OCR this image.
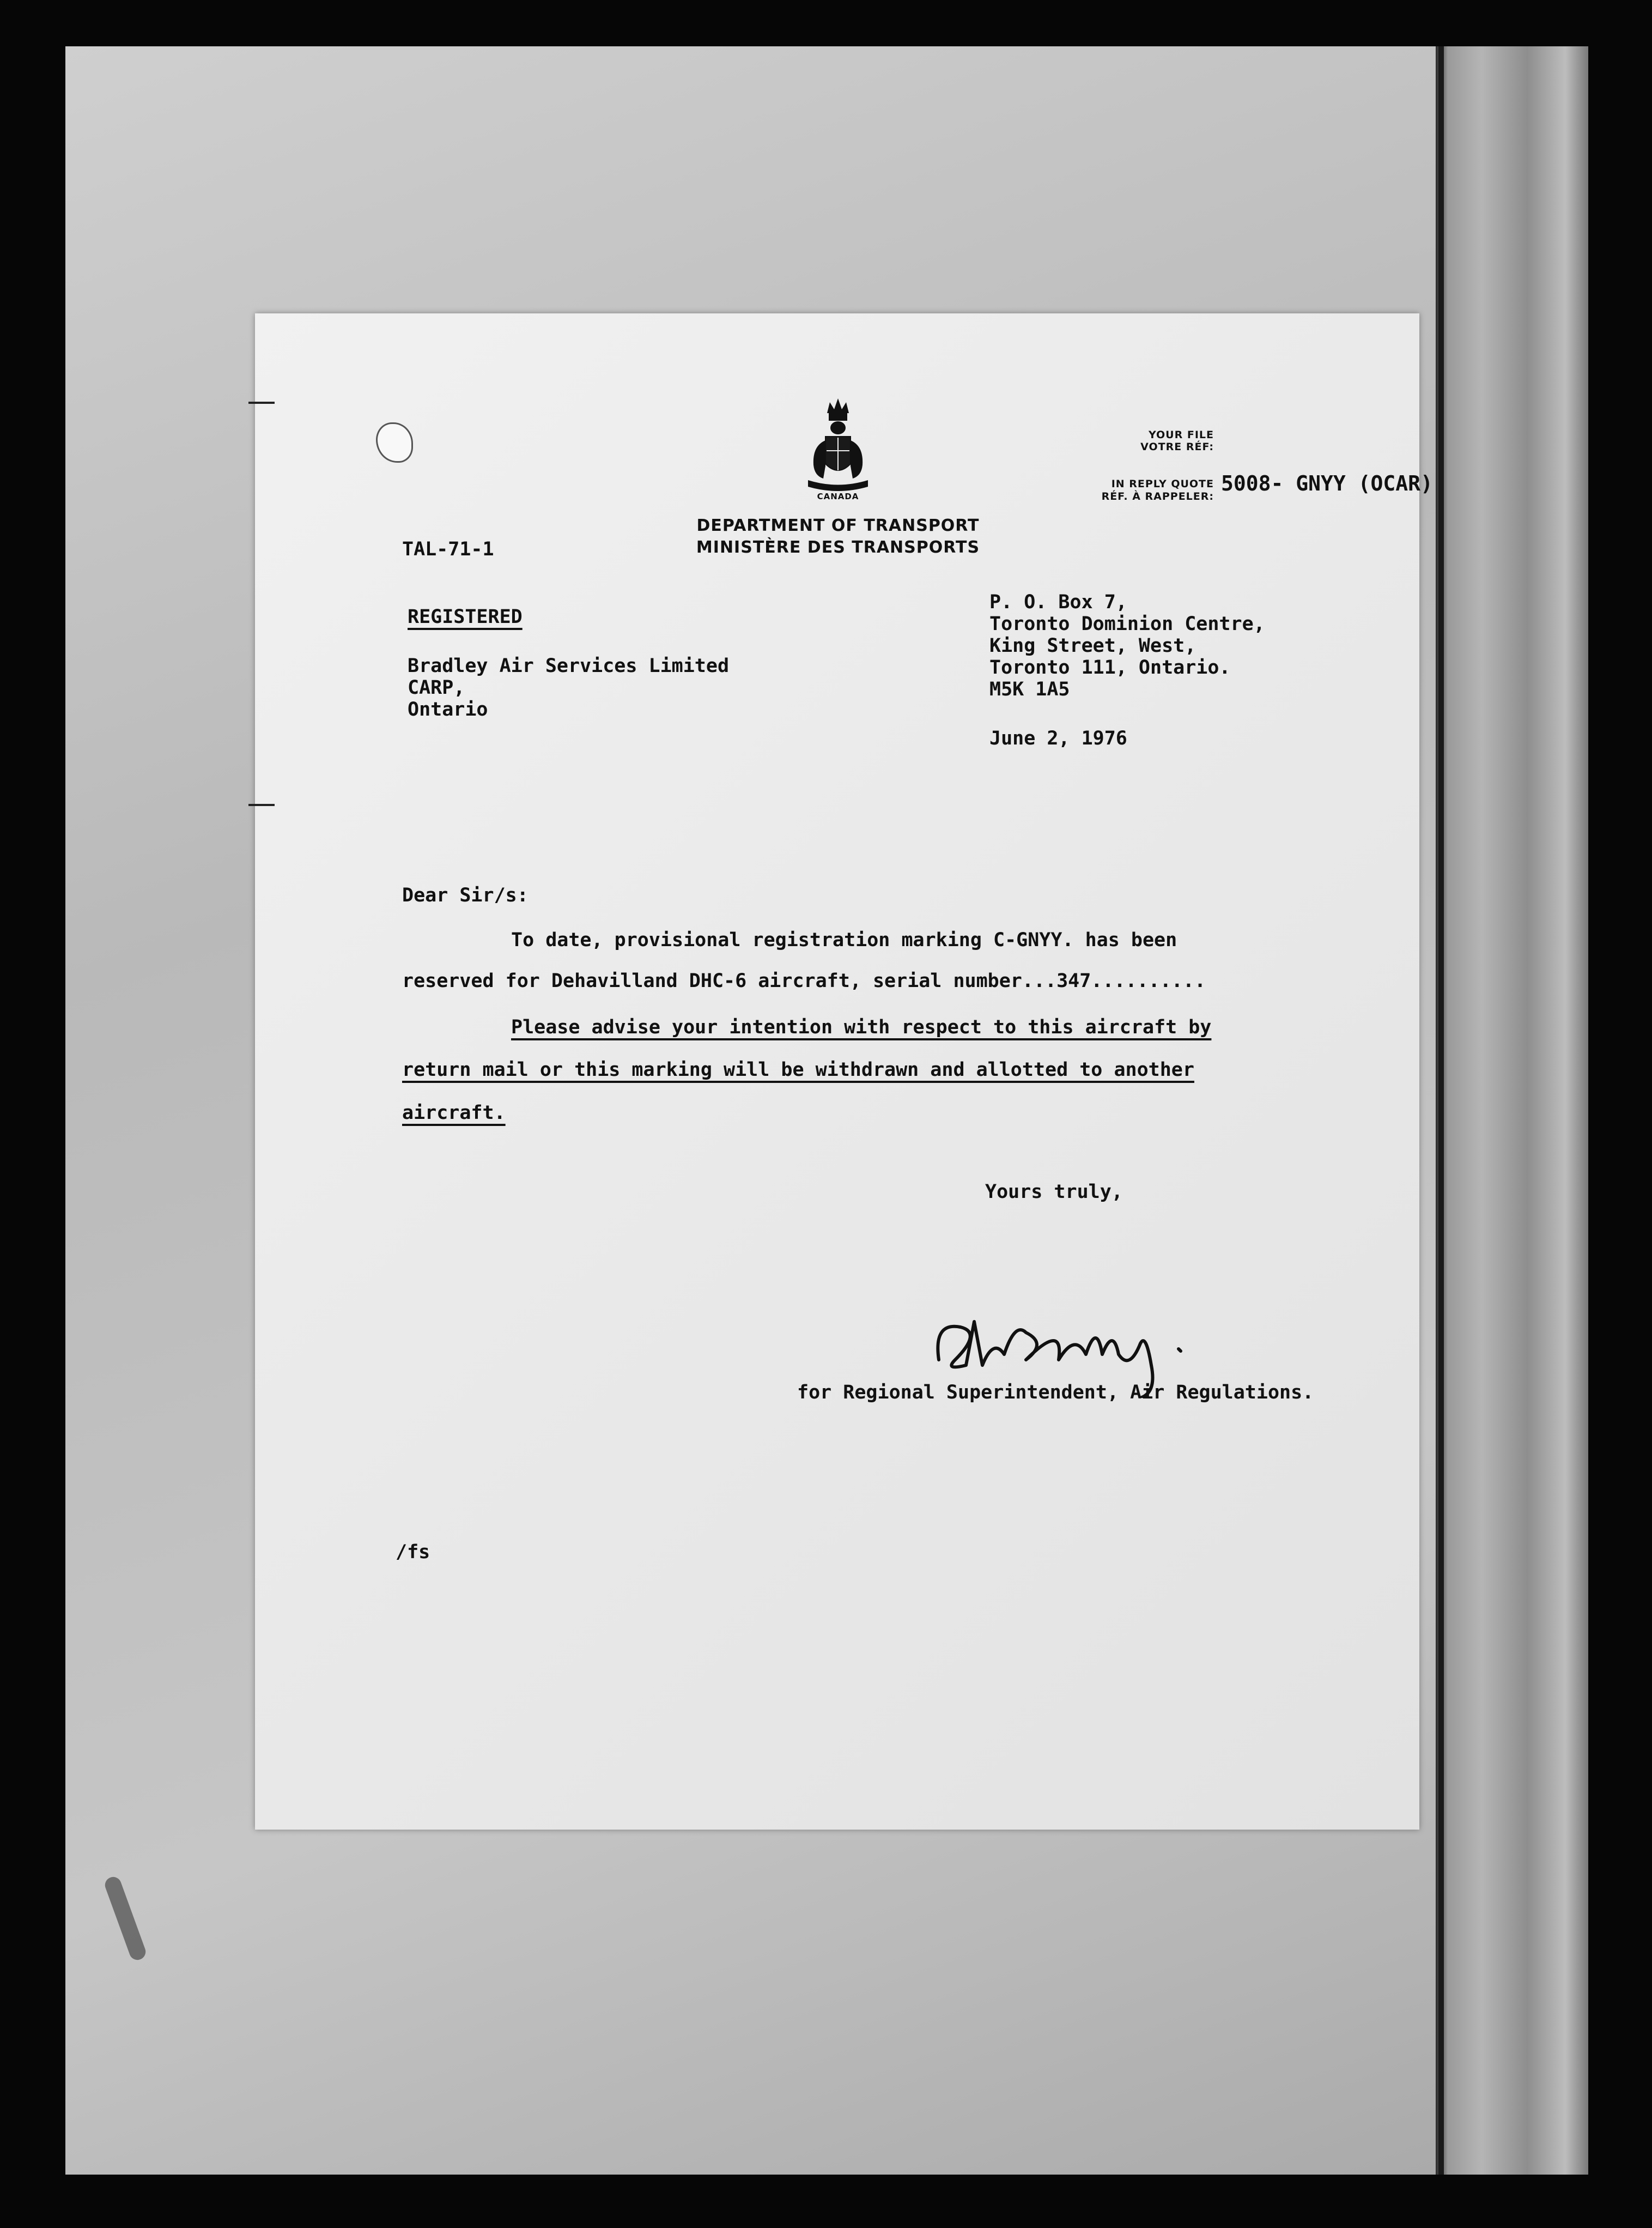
CANADA
DEPARTMENT OF TRANSPORT
MINISTÈRE DES TRANSPORTS
YOUR FILE
VOTRE RÉF:
IN REPLY QUOTE
RÉF. À RAPPELER:
5008- GNYY (OCAR)
TAL-71-1
REGISTERED
Bradley Air Services Limited
CARP,
Ontario
P. O. Box 7,
Toronto Dominion Centre,
King Street, West,
Toronto 111, Ontario.
M5K 1A5
June 2, 1976
Dear Sir/s:
To date, provisional registration marking C-GNYY. has been
reserved for Dehavilland DHC-6 aircraft, serial number...347..........
Please advise your intention with respect to this aircraft by
return mail or this marking will be withdrawn and allotted to another
aircraft.
Yours truly,
for Regional Superintendent, Air Regulations.
/fs
